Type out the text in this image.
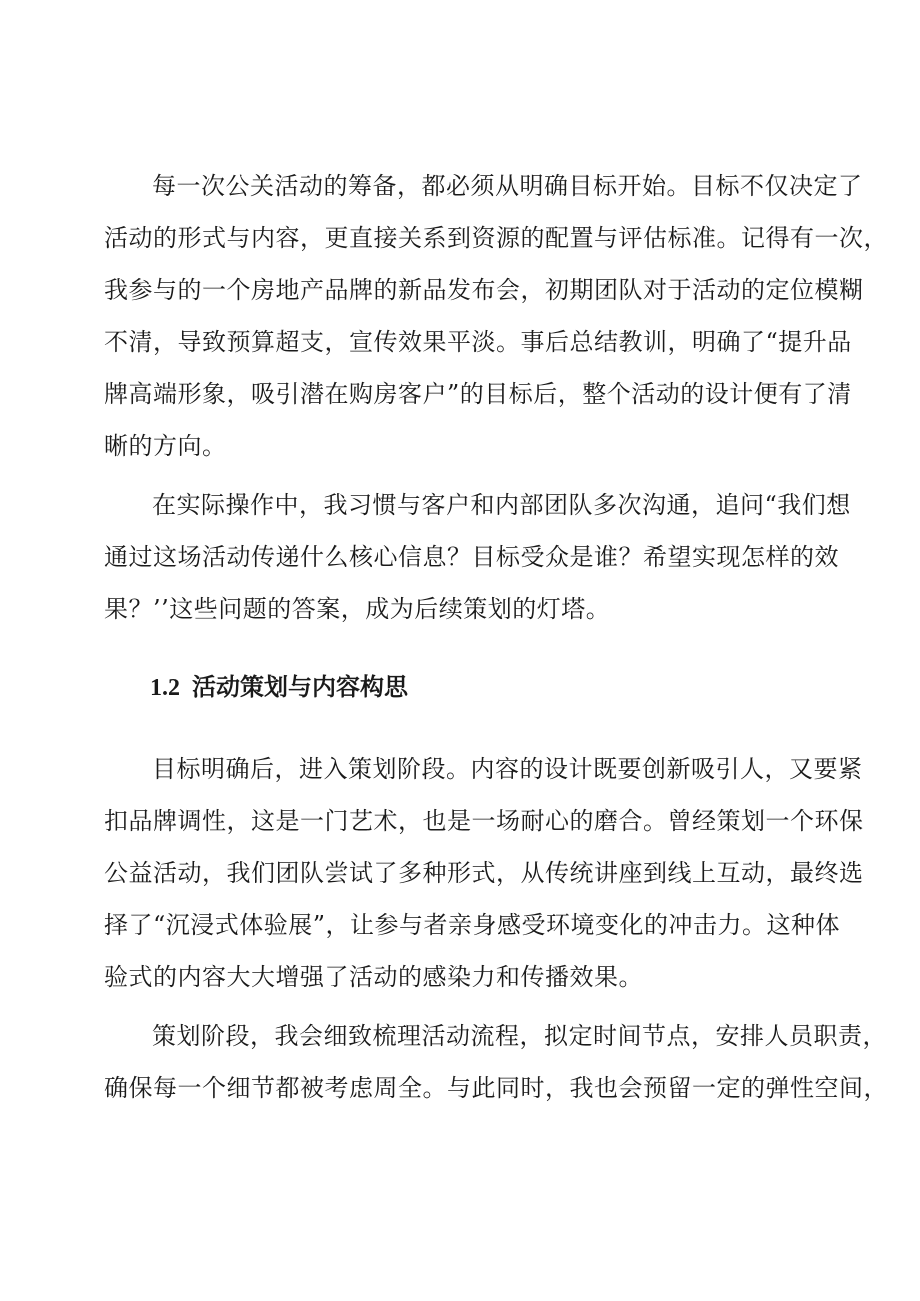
每一次公关活动的筹备，都必须从明确目标开始。目标不仅决定了
活动的形式与内容，更直接关系到资源的配置与评估标准。记得有一次，
我参与的一个房地产品牌的新品发布会，初期团队对于活动的定位模糊
不清，导致预算超支，宣传效果平淡。事后总结教训，明确了“提升品
牌高端形象，吸引潜在购房客户”的目标后，整个活动的设计便有了清
晰的方向。
在实际操作中，我习惯与客户和内部团队多次沟通，追问“我们想
通过这场活动传递什么核心信息？目标受众是谁？希望实现怎样的效
果？’’这些问题的答案，成为后续策划的灯塔。
1.2 活动策划与内容构思
目标明确后，进入策划阶段。内容的设计既要创新吸引人，又要紧
扣品牌调性，这是一门艺术，也是一场耐心的磨合。曾经策划一个环保
公益活动，我们团队尝试了多种形式，从传统讲座到线上互动，最终选
择了“沉浸式体验展”，让参与者亲身感受环境变化的冲击力。这种体
验式的内容大大增强了活动的感染力和传播效果。
策划阶段，我会细致梳理活动流程，拟定时间节点，安排人员职责，
确保每一个细节都被考虑周全。与此同时，我也会预留一定的弹性空间，
